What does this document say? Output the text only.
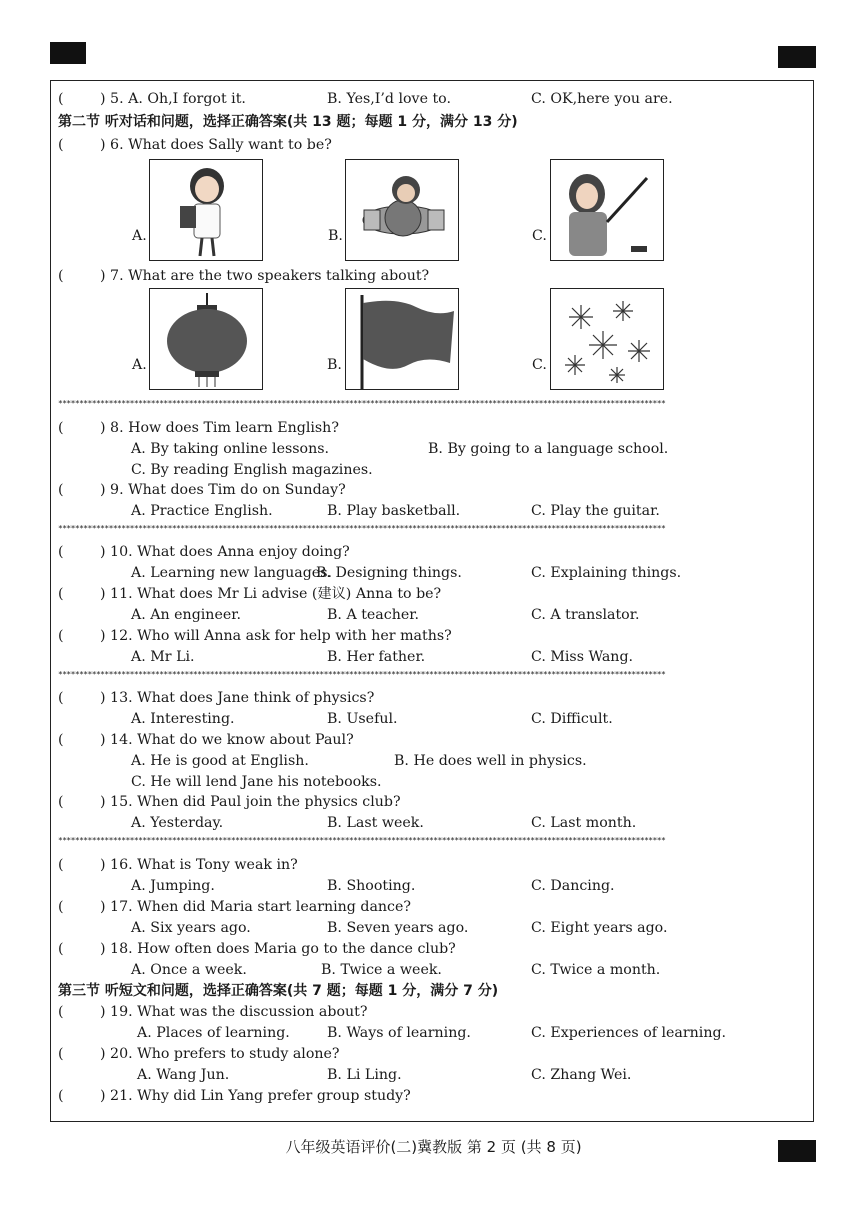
(	) 5. A. Oh,I forgot it.	B. Yes,I’d love to.	C. OK,here you are.
第二节 听对话和问题，选择正确答案(共 13 题；每题 1 分，满分 13 分)
(	) 6. What does Sally want to be?
A.	B.	C.
(	) 7. What are the two speakers talking about?
A.	B.	C.
************************************************************************************************************************************************
(	) 8. How does Tim learn English?
A. By taking online lessons.	B. By going to a language school.
C. By reading English magazines.
(	) 9. What does Tim do on Sunday?
A. Practice English.	B. Play basketball.	C. Play the guitar.
************************************************************************************************************************************************
(	) 10. What does Anna enjoy doing?
A. Learning new languages.
B. Designing things.	C. Explaining things.
(	) 11. What does Mr Li advise (建议) Anna to be?
A. An engineer.	B. A teacher.	C. A translator.
(	) 12. Who will Anna ask for help with her maths?
A. Mr Li.	B. Her father.	C. Miss Wang.
************************************************************************************************************************************************
(	) 13. What does Jane think of physics?
A. Interesting.	B. Useful.	C. Difficult.
(	) 14. What do we know about Paul?
A. He is good at English.	B. He does well in physics.
C. He will lend Jane his notebooks.
(	) 15. When did Paul join the physics club?
A. Yesterday.	B. Last week.	C. Last month.
************************************************************************************************************************************************
(	) 16. What is Tony weak in?
A. Jumping.	B. Shooting.	C. Dancing.
(	) 17. When did Maria start learning dance?
A. Six years ago.	B. Seven years ago.	C. Eight years ago.
(	) 18. How often does Maria go to the dance club?
A. Once a week.	B. Twice a week.	C. Twice a month.
第三节 听短文和问题，选择正确答案(共 7 题；每题 1 分，满分 7 分)
(	) 19. What was the discussion about?
A. Places of learning.	B. Ways of learning.	C. Experiences of learning.
(	) 20. Who prefers to study alone?
A. Wang Jun.	B. Li Ling.	C. Zhang Wei.
(	) 21. Why did Lin Yang prefer group study?
八年级英语评价(二)冀教版 第 2 页 (共 8 页)
